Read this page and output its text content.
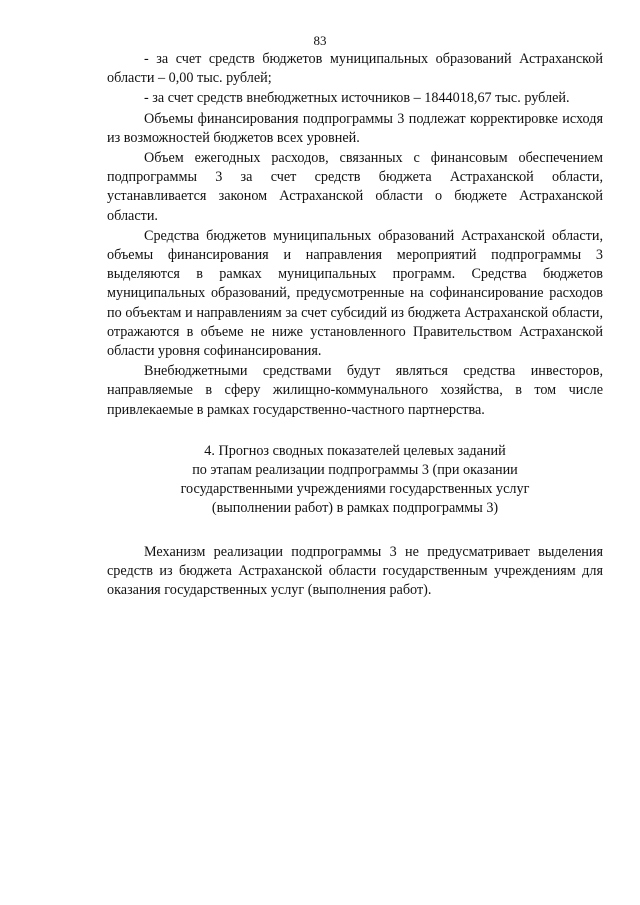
83

- за счет средств бюджетов муниципальных образований Астраханской области – 0,00 тыс. рублей;

- за счет средств внебюджетных источников – 1844018,67 тыс. рублей.

Объемы финансирования подпрограммы 3 подлежат корректировке исходя из возможностей бюджетов всех уровней.

Объем ежегодных расходов, связанных с финансовым обеспечением подпрограммы 3 за счет средств бюджета Астраханской области, устанавливается законом Астраханской области о бюджете Астраханской области.

Средства бюджетов муниципальных образований Астраханской области, объемы финансирования и направления мероприятий подпрограммы 3 выделяются в рамках муниципальных программ. Средства бюджетов муниципальных образований, предусмотренные на софинансирование расходов по объектам и направлениям за счет субсидий из бюджета Астраханской области, отражаются в объеме не ниже установленного Правительством Астраханской области уровня софинансирования.

Внебюджетными средствами будут являться средства инвесторов, направляемые в сферу жилищно-коммунального хозяйства, в том числе привлекаемые в рамках государственно-частного партнерства.

4. Прогноз сводных показателей целевых заданий
по этапам реализации подпрограммы 3 (при оказании
государственными учреждениями государственных услуг
(выполнении работ) в рамках подпрограммы 3)

Механизм реализации подпрограммы 3 не предусматривает выделения средств из бюджета Астраханской области государственным учреждениям для оказания государственных услуг (выполнения работ).
